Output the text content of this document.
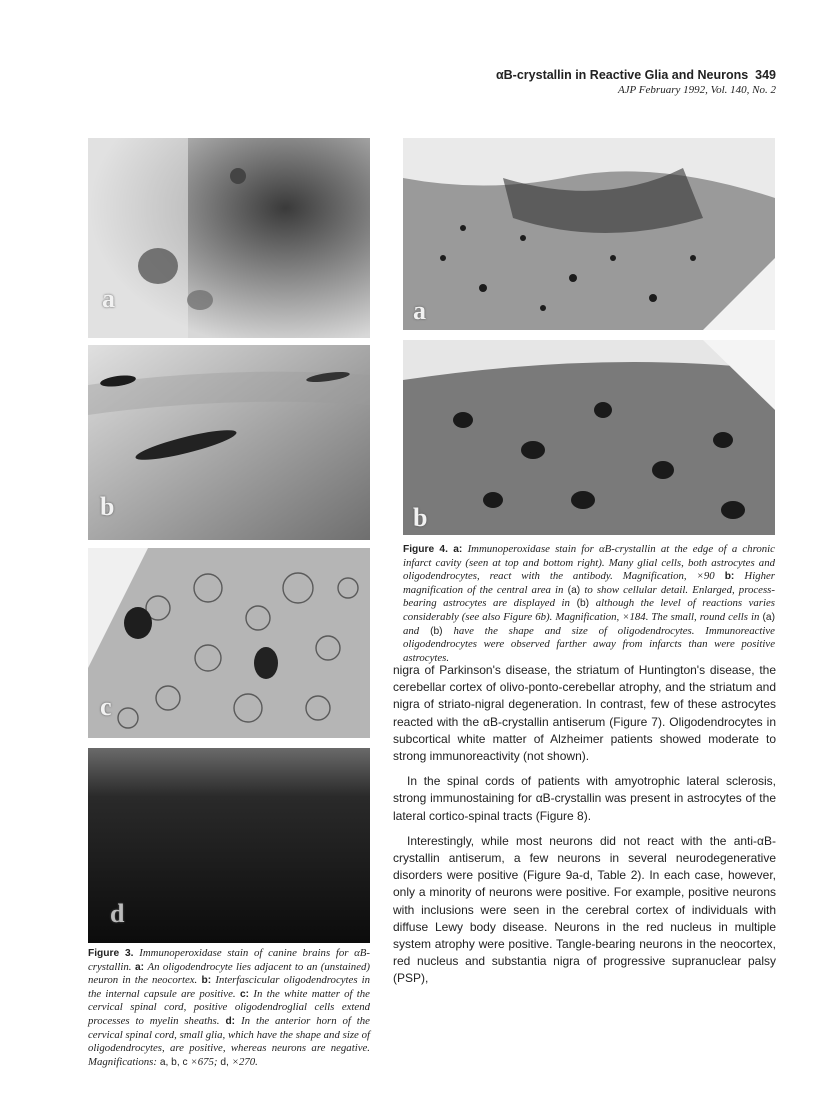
αB-crystallin in Reactive Glia and Neurons 349
AJP February 1992, Vol. 140, No. 2
a
b
c
d
Figure 3. Immunoperoxidase stain of canine brains for αB-crystallin. a: An oligodendrocyte lies adjacent to an (unstained) neuron in the neocortex. b: Interfascicular oligodendrocytes in the internal capsule are positive. c: In the white matter of the cervical spinal cord, positive oligodendroglial cells extend processes to myelin sheaths. d: In the anterior horn of the cervical spinal cord, small glia, which have the shape and size of oligodendrocytes, are positive, whereas neurons are negative. Magnifications: a, b, c ×675; d, ×270.
a
b
Figure 4. a: Immunoperoxidase stain for αB-crystallin at the edge of a chronic infarct cavity (seen at top and bottom right). Many glial cells, both astrocytes and oligodendrocytes, react with the antibody. Magnification, ×90 b: Higher magnification of the central area in (a) to show cellular detail. Enlarged, process-bearing astrocytes are displayed in (b) although the level of reactions varies considerably (see also Figure 6b). Magnification, ×184. The small, round cells in (a) and (b) have the shape and size of oligodendrocytes. Immunoreactive oligodendrocytes were observed farther away from infarcts than were positive astrocytes.

nigra of Parkinson's disease, the striatum of Huntington's disease, the cerebellar cortex of olivo-ponto-cerebellar atrophy, and the striatum and nigra of striato-nigral degeneration. In contrast, few of these astrocytes reacted with the αB-crystallin antiserum (Figure 7). Oligodendrocytes in subcortical white matter of Alzheimer patients showed moderate to strong immunoreactivity (not shown).

In the spinal cords of patients with amyotrophic lateral sclerosis, strong immunostaining for αB-crystallin was present in astrocytes of the lateral cortico-spinal tracts (Figure 8).

Interestingly, while most neurons did not react with the anti-αB-crystallin antiserum, a few neurons in several neurodegenerative disorders were positive (Figure 9a-d, Table 2). In each case, however, only a minority of neurons were positive. For example, positive neurons with inclusions were seen in the cerebral cortex of individuals with diffuse Lewy body disease. Neurons in the red nucleus in multiple system atrophy were positive. Tangle-bearing neurons in the neocortex, red nucleus and substantia nigra of progressive supranuclear palsy (PSP),
